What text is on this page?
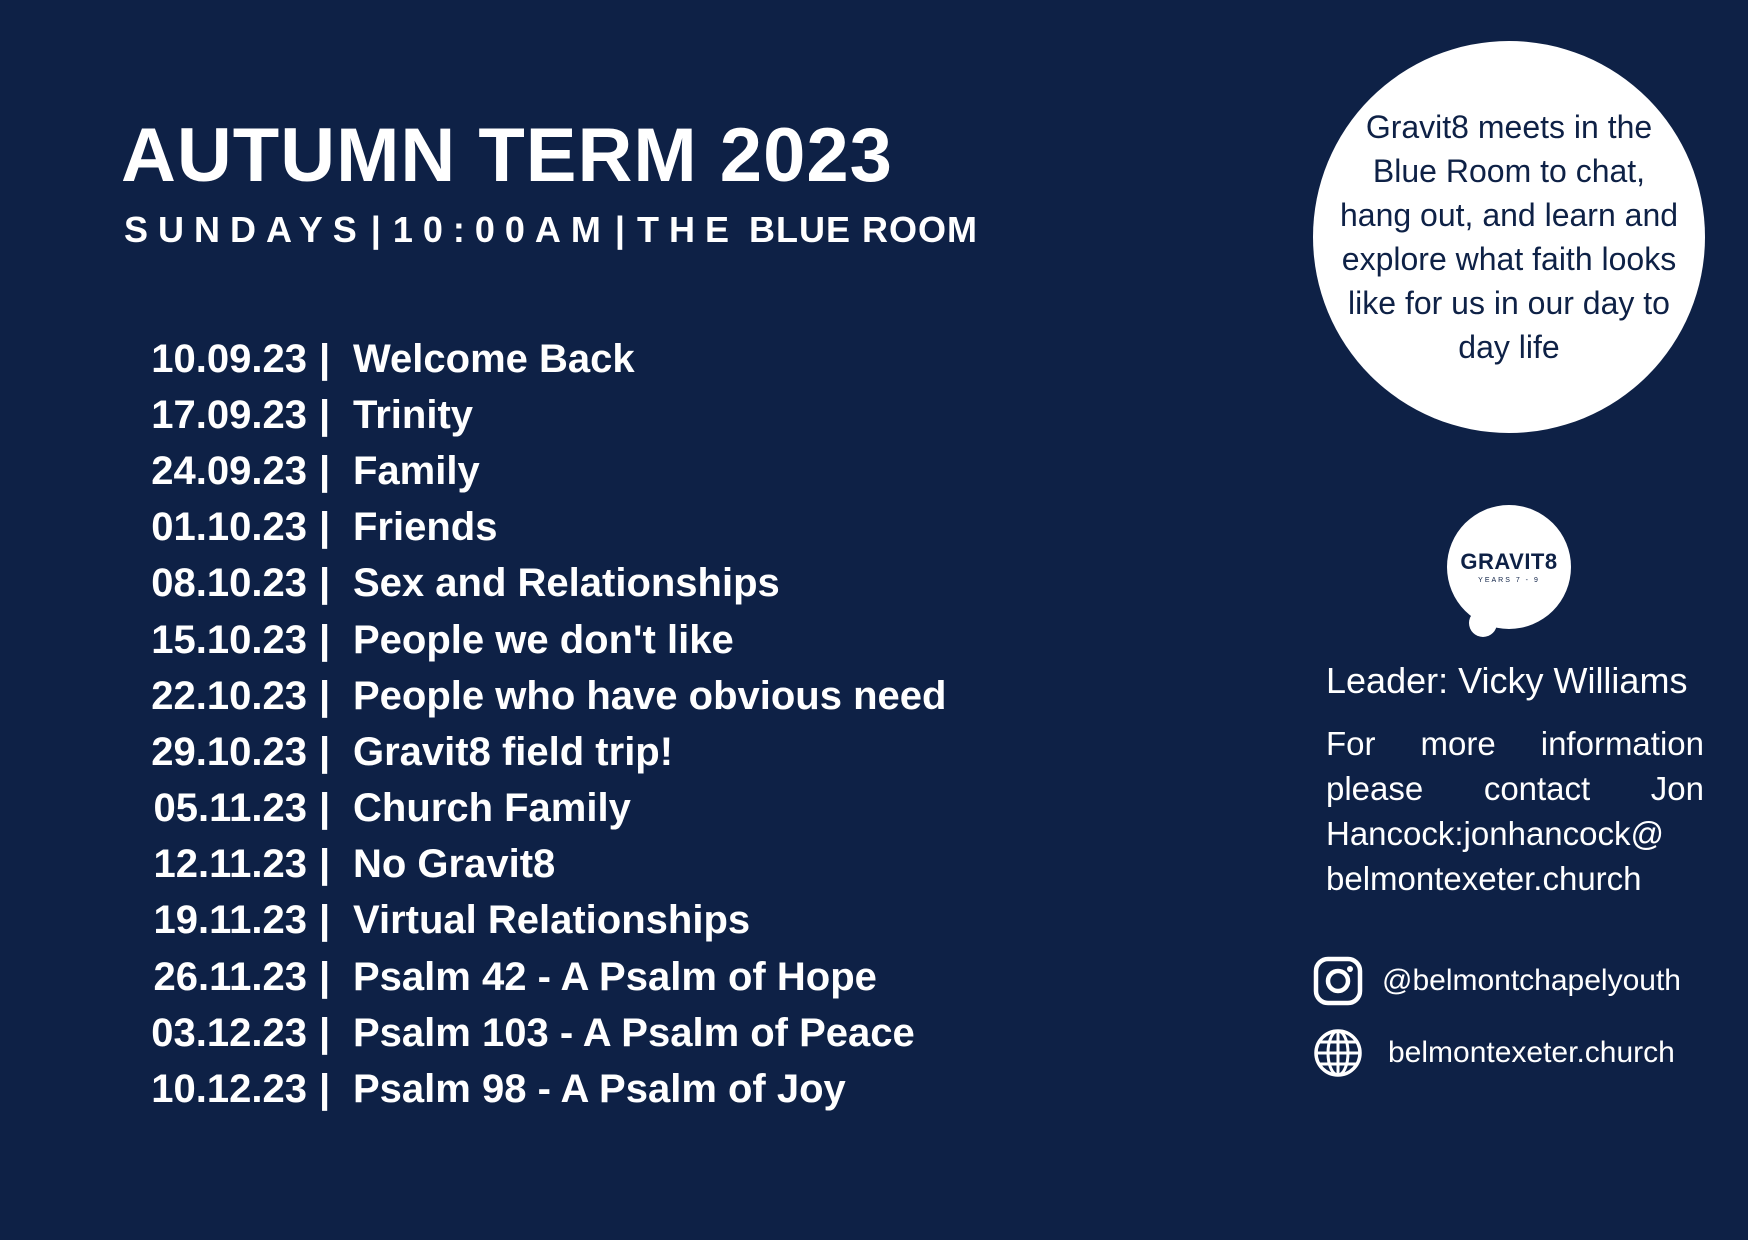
AUTUMN TERM 2023
SUNDAYS | 10:00AM | THE BLUE ROOM
10.09.23 | Welcome Back
17.09.23 | Trinity
24.09.23 | Family
01.10.23 | Friends
08.10.23 | Sex and Relationships
15.10.23 | People we don't like
22.10.23 | People who have obvious need
29.10.23 | Gravit8 field trip!
05.11.23 | Church Family
12.11.23 | No Gravit8
19.11.23 | Virtual Relationships
26.11.23 | Psalm 42 - A Psalm of Hope
03.12.23 | Psalm 103 - A Psalm of Peace
10.12.23 | Psalm 98 - A Psalm of Joy

Gravit8 meets in the Blue Room to chat, hang out, and learn and explore what faith looks like for us in our day to day life

GRAVIT8
YEARS 7 - 9
Leader: Vicky Williams
For more information
please contact Jon
Hancock:jonhancock@
belmontexeter.church
@belmontchapelyouth
belmontexeter.church
